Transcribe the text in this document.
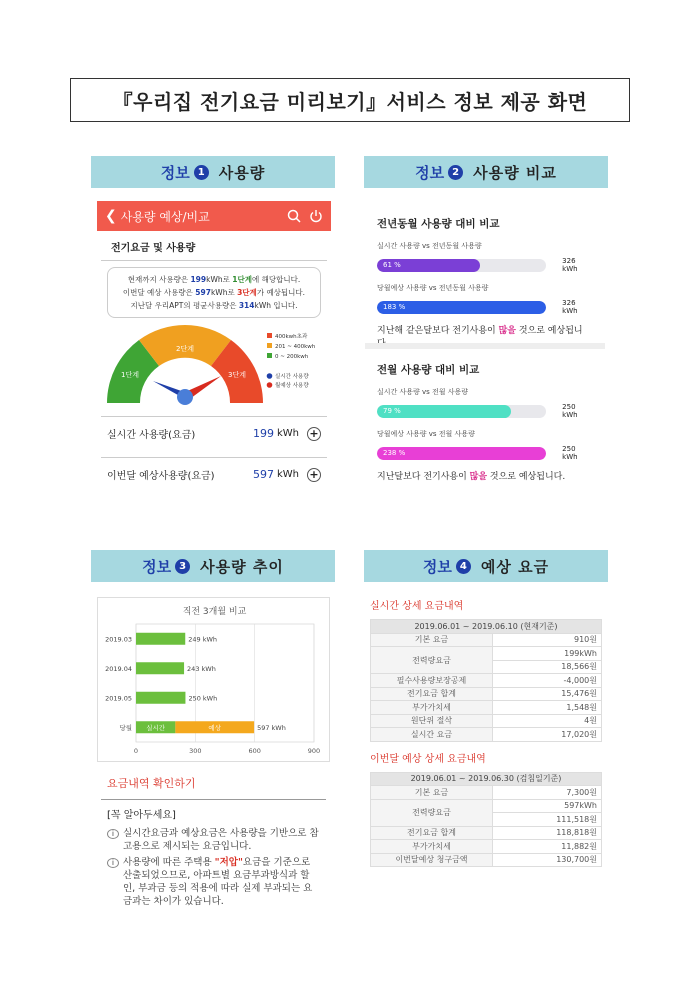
『우리집 전기요금 미리보기』서비스 정보 제공 화면
정보 1 사용량	정보 2 사용량 비교
정보 3 사용량 추이	정보 4 예상 요금
❮ 사용량 예상/비교
전기요금 및 사용량
현재까지 사용량은 199kWh로 1단계에 해당합니다.
이번달 예상 사용량은 597kWh로 3단계가 예상됩니다.
지난달 우리APT의 평균사용량은 314kWh 입니다.
1단계
2단계
3단계
400kwh초과
201 ~ 400kwh
0 ~ 200kwh
실시간 사용량
월예상 사용량
실시간 사용량(요금)	199 kWh +
이번달 예상사용량(요금)	597 kWh +
전년동월 사용량 대비 비교
실시간 사용량 vs 전년동월 사용량
61 %	326 kWh
당월예상 사용량 vs 전년동월 사용량
183 %	326 kWh
지난해 같은달보다 전기사용이 많을 것으로 예상됩니
전월 사용량 대비 비교
실시간 사용량 vs 전월 사용량
79 %	250 kWh
당월예상 사용량 vs 전월 사용량
238 %	250 kWh
지난달보다 전기사용이 많을 것으로 예상됩니다.
직전 3개월 비교
0	300	600	900
2019.03	249 kWh
2019.04	243 kWh
2019.05	250 kWh
당월 실시간	예상	597 kWh
요금내역 확인하기
[꼭 알아두세요]
i 실시간요금과 예상요금은 사용량을 기반으로 참고용으로 제시되는 요금입니다.
i 사용량에 따른 주택용 "저압"요금을 기준으로 산출되었으므로, 아파트별 요금부과방식과 할인, 부과금 등의 적용에 따라 실제 부과되는 요금과는 차이가 있습니다.
실시간 상세 요금내역
2019.06.01 ~ 2019.06.10 (현재기준)	
기본 요금	910원
전력량요금	199kWh
	18,566원
필수사용량보장공제	-4,000원
전기요금 합계	15,476원
부가가치세	1,548원
원단위 절삭	4원
실시간 요금	17,020원
이번달 예상 상세 요금내역
2019.06.01 ~ 2019.06.30 (검침일기준)	
기본 요금	7,300원
전력량요금	597kWh
	111,518원
전기요금 합계	118,818원
부가가치세	11,882원
이번달예상 청구금액	130,700원
